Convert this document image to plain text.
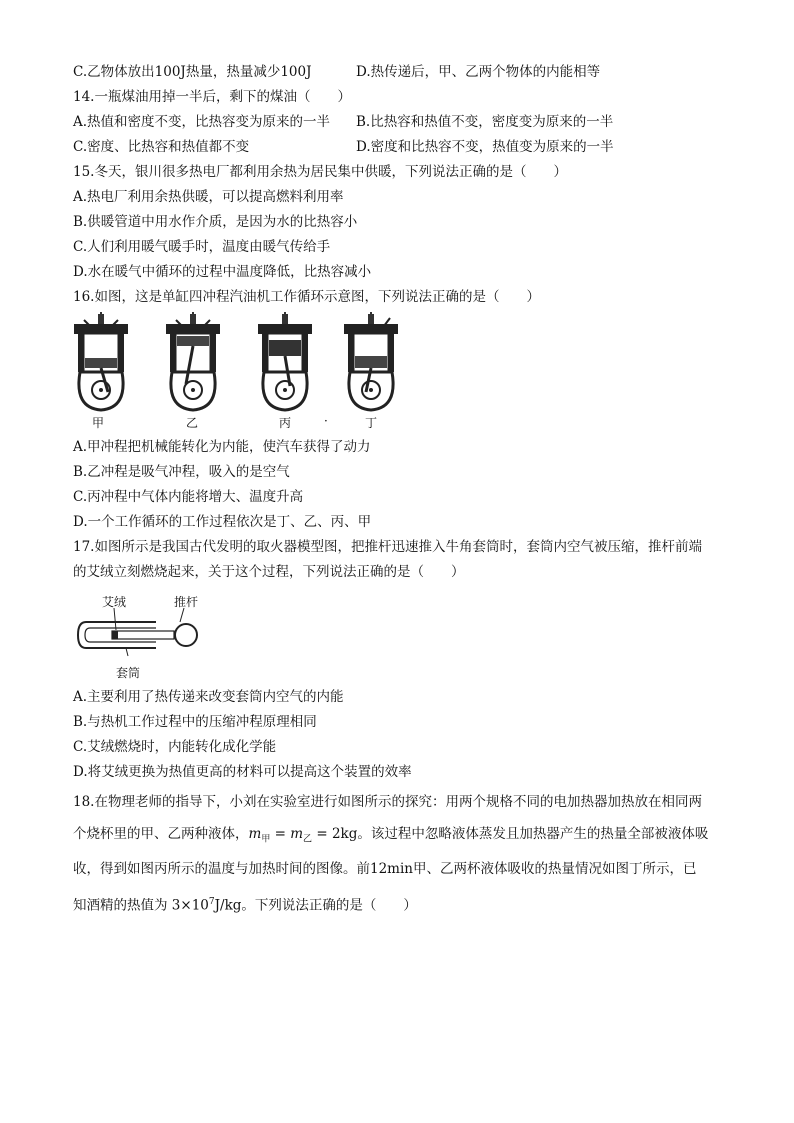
C.乙物体放出100J热量，热量减少100J	D.热传递后，甲、乙两个物体的内能相等
14.一瓶煤油用掉一半后，剩下的煤油（　　）
A.热值和密度不变，比热容变为原来的一半 B.比热容和热值不变，密度变为原来的一半
C.密度、比热容和热值都不变	D.密度和比热容不变，热值变为原来的一半
15.冬天，银川很多热电厂都利用余热为居民集中供暖，下列说法正确的是（　　）
A.热电厂利用余热供暖，可以提高燃料利用率
B.供暖管道中用水作介质，是因为水的比热容小
C.人们利用暖气暖手时，温度由暖气传给手
D.水在暖气中循环的过程中温度降低，比热容减小
16.如图，这是单缸四冲程汽油机工作循环示意图，下列说法正确的是（　　）
甲	乙	丙	·	丁
A.甲冲程把机械能转化为内能，使汽车获得了动力
B.乙冲程是吸气冲程，吸入的是空气
C.丙冲程中气体内能将增大、温度升高
D.一个工作循环的工作过程依次是丁、乙、丙、甲
17.如图所示是我国古代发明的取火器模型图，把推杆迅速推入牛角套筒时，套筒内空气被压缩，推杆前端
的艾绒立刻燃烧起来，关于这个过程，下列说法正确的是（　　）
艾绒	推杆
套筒
A.主要利用了热传递来改变套筒内空气的内能
B.与热机工作过程中的压缩冲程原理相同
C.艾绒燃烧时，内能转化成化学能
D.将艾绒更换为热值更高的材料可以提高这个装置的效率
18.在物理老师的指导下，小刘在实验室进行如图所示的探究：用两个规格不同的电加热器加热放在相同两
个烧杯里的甲、乙两种液体，$m_甲 = m_乙 = 2kg$。该过程中忽略液体蒸发且加热器产生的热量全部被液体吸
收，得到如图丙所示的温度与加热时间的图像。前12min甲、乙两杯液体吸收的热量情况如图丁所示，已
知酒精的热值为 $3\times 10^7J/kg$。下列说法正确的是（　　）
